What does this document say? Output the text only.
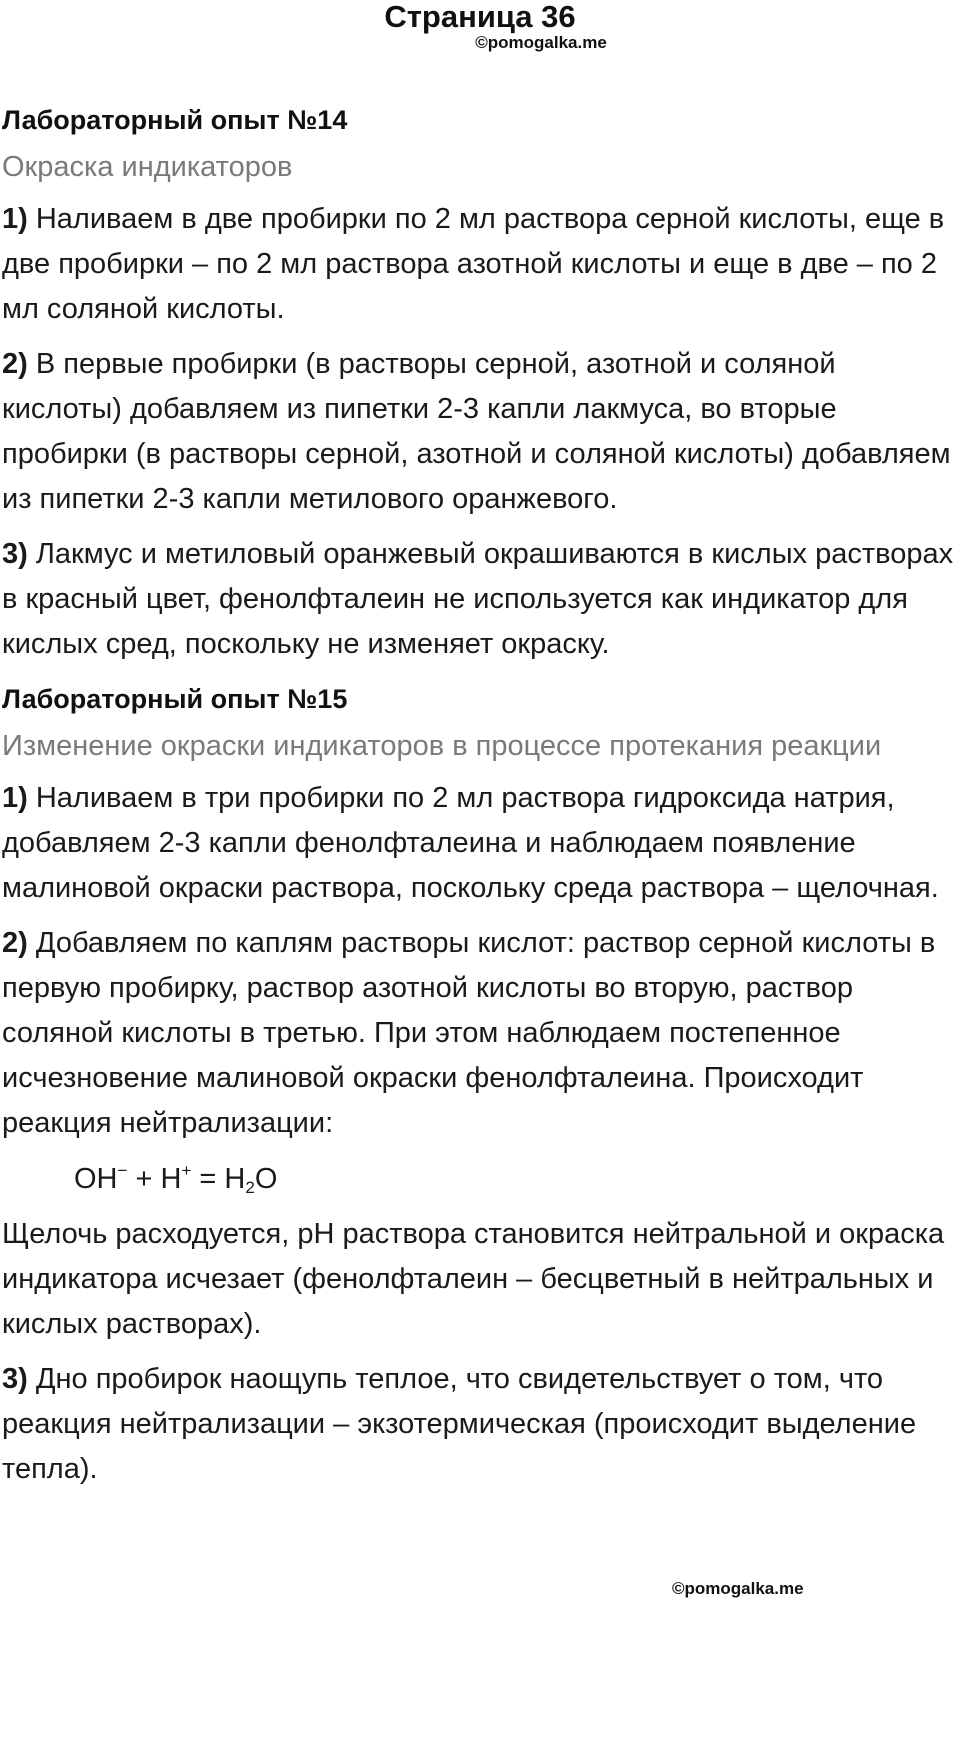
Страница 36
©pomogalka.me
Лабораторный опыт №14
Окраска индикаторов
1) Наливаем в две пробирки по 2 мл раствора серной кислоты, еще в две пробирки – по 2 мл раствора азотной кислоты и еще в две – по 2 мл соляной кислоты.
2) В первые пробирки (в растворы серной, азотной и соляной кислоты) добавляем из пипетки 2-3 капли лакмуса, во вторые пробирки (в растворы серной, азотной и соляной кислоты) добавляем из пипетки 2-3 капли метилового оранжевого.
3) Лакмус и метиловый оранжевый окрашиваются в кислых растворах в красный цвет, фенолфталеин не используется как индикатор для кислых сред, поскольку не изменяет окраску.
Лабораторный опыт №15
Изменение окраски индикаторов в процессе протекания реакции
1) Наливаем в три пробирки по 2 мл раствора гидроксида натрия, добавляем 2-3 капли фенолфталеина и наблюдаем появление малиновой окраски раствора, поскольку среда раствора – щелочная.
2) Добавляем по каплям растворы кислот: раствор серной кислоты в первую пробирку, раствор азотной кислоты во вторую, раствор соляной кислоты в третью. При этом наблюдаем постепенное исчезновение малиновой окраски фенолфталеина. Происходит реакция нейтрализации:
$OH^- + H^+ = H_2O$
Щелочь расходуется, pH раствора становится нейтральной и окраска индикатора исчезает (фенолфталеин – бесцветный в нейтральных и кислых растворах).
3) Дно пробирок наощупь теплое, что свидетельствует о том, что реакция нейтрализации – экзотермическая (происходит выделение тепла).
©pomogalka.me
